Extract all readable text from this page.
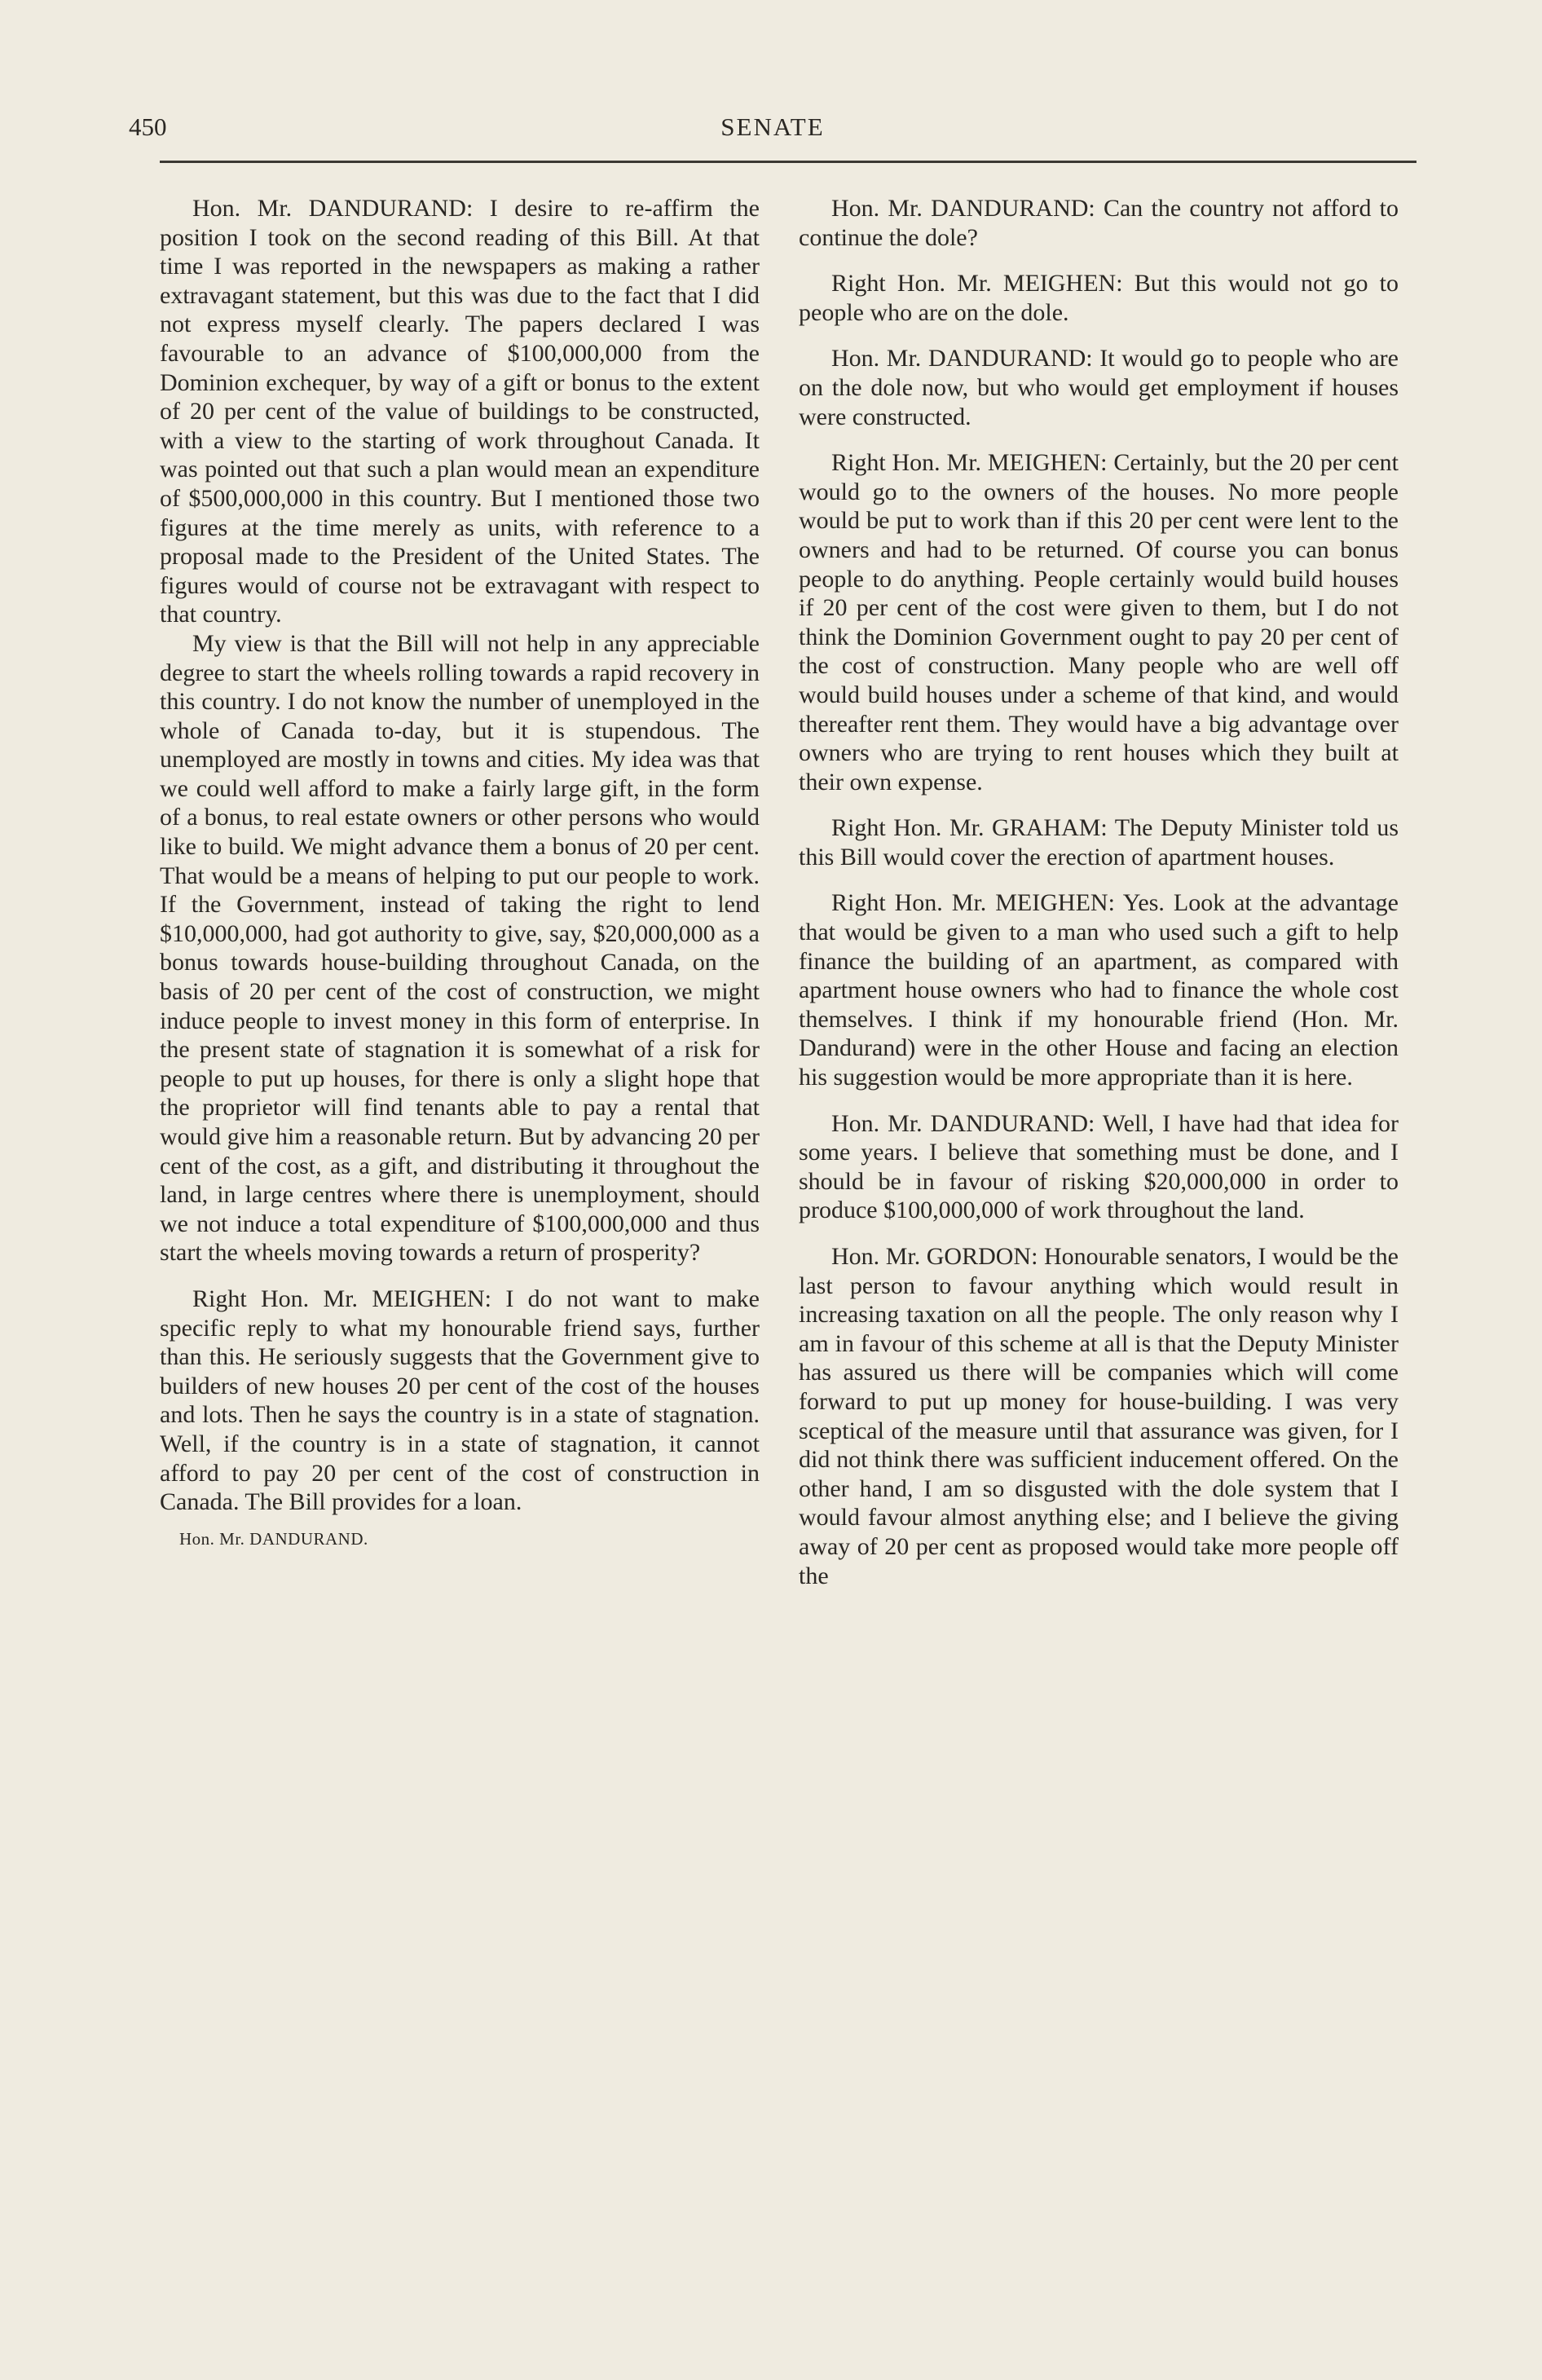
450	SENATE

Hon. Mr. DANDURAND: I desire to re-affirm the position I took on the second reading of this Bill. At that time I was reported in the newspapers as making a rather extravagant statement, but this was due to the fact that I did not express myself clearly. The papers declared I was favourable to an advance of $100,000,000 from the Dominion exchequer, by way of a gift or bonus to the extent of 20 per cent of the value of buildings to be constructed, with a view to the starting of work throughout Canada. It was pointed out that such a plan would mean an expenditure of $500,000,000 in this country. But I mentioned those two figures at the time merely as units, with reference to a proposal made to the President of the United States. The figures would of course not be extravagant with respect to that country.

My view is that the Bill will not help in any appreciable degree to start the wheels rolling towards a rapid recovery in this country. I do not know the number of unemployed in the whole of Canada to-day, but it is stupendous. The unemployed are mostly in towns and cities. My idea was that we could well afford to make a fairly large gift, in the form of a bonus, to real estate owners or other persons who would like to build. We might advance them a bonus of 20 per cent. That would be a means of helping to put our people to work. If the Government, instead of taking the right to lend $10,000,000, had got authority to give, say, $20,000,000 as a bonus towards house-building throughout Canada, on the basis of 20 per cent of the cost of construction, we might induce people to invest money in this form of enterprise. In the present state of stagnation it is somewhat of a risk for people to put up houses, for there is only a slight hope that the proprietor will find tenants able to pay a rental that would give him a reasonable return. But by advancing 20 per cent of the cost, as a gift, and distributing it throughout the land, in large centres where there is unemployment, should we not induce a total expenditure of $100,000,000 and thus start the wheels moving towards a return of prosperity?

Right Hon. Mr. MEIGHEN: I do not want to make specific reply to what my honourable friend says, further than this. He seriously suggests that the Government give to builders of new houses 20 per cent of the cost of the houses and lots. Then he says the country is in a state of stagnation. Well, if the country is in a state of stagnation, it cannot afford to pay 20 per cent of the cost of construction in Canada. The Bill provides for a loan.

Hon. Mr. DANDURAND.

Hon. Mr. DANDURAND: Can the country not afford to continue the dole?

Right Hon. Mr. MEIGHEN: But this would not go to people who are on the dole.

Hon. Mr. DANDURAND: It would go to people who are on the dole now, but who would get employment if houses were constructed.

Right Hon. Mr. MEIGHEN: Certainly, but the 20 per cent would go to the owners of the houses. No more people would be put to work than if this 20 per cent were lent to the owners and had to be returned. Of course you can bonus people to do anything. People certainly would build houses if 20 per cent of the cost were given to them, but I do not think the Dominion Government ought to pay 20 per cent of the cost of construction. Many people who are well off would build houses under a scheme of that kind, and would thereafter rent them. They would have a big advantage over owners who are trying to rent houses which they built at their own expense.

Right Hon. Mr. GRAHAM: The Deputy Minister told us this Bill would cover the erection of apartment houses.

Right Hon. Mr. MEIGHEN: Yes. Look at the advantage that would be given to a man who used such a gift to help finance the building of an apartment, as compared with apartment house owners who had to finance the whole cost themselves. I think if my honourable friend (Hon. Mr. Dandurand) were in the other House and facing an election his suggestion would be more appropriate than it is here.

Hon. Mr. DANDURAND: Well, I have had that idea for some years. I believe that something must be done, and I should be in favour of risking $20,000,000 in order to produce $100,000,000 of work throughout the land.

Hon. Mr. GORDON: Honourable senators, I would be the last person to favour anything which would result in increasing taxation on all the people. The only reason why I am in favour of this scheme at all is that the Deputy Minister has assured us there will be companies which will come forward to put up money for house-building. I was very sceptical of the measure until that assurance was given, for I did not think there was sufficient inducement offered. On the other hand, I am so disgusted with the dole system that I would favour almost anything else; and I believe the giving away of 20 per cent as proposed would take more people off the
